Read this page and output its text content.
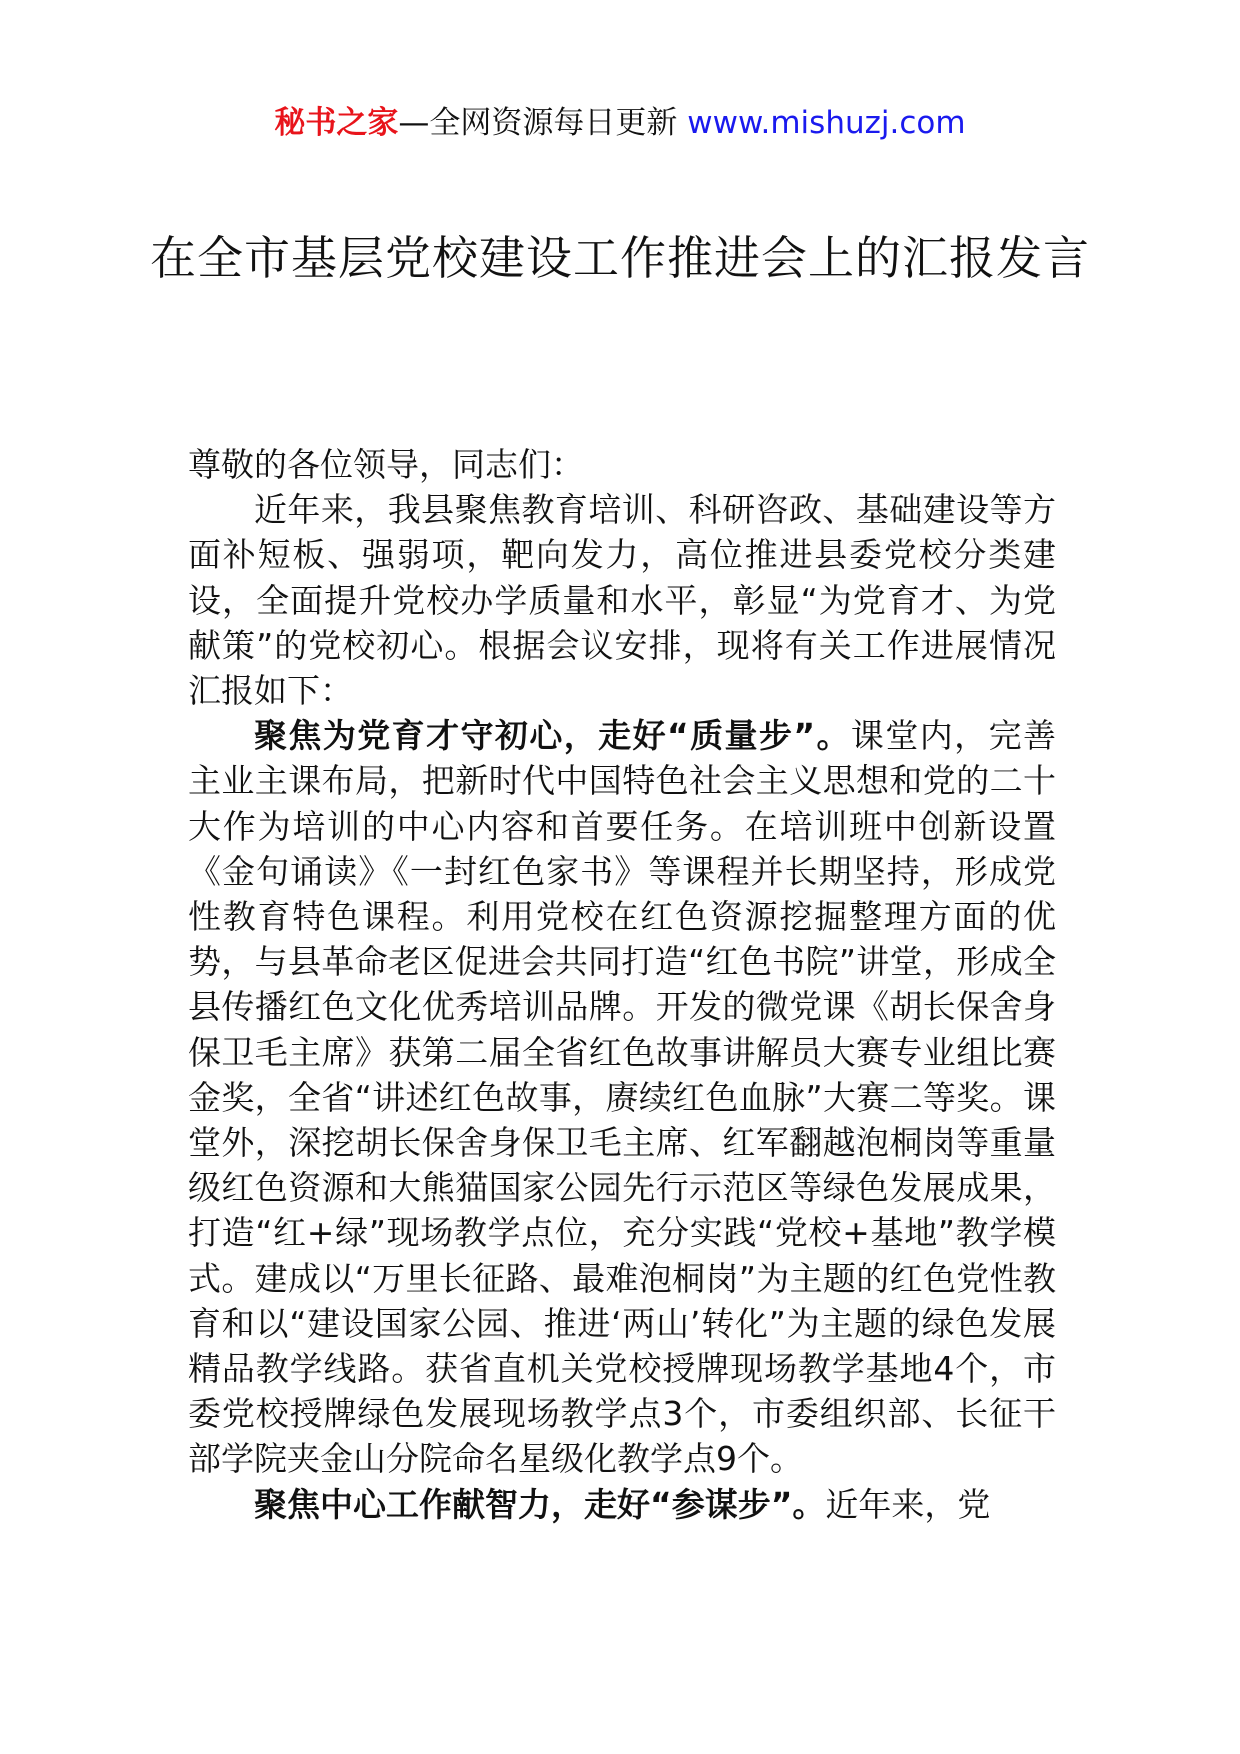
秘书之家—全网资源每日更新 www.mishuzj.com
在全市基层党校建设工作推进会上的汇报发言

尊敬的各位领导，同志们：

近年来，我县聚焦教育培训、科研咨政、基础建设等方面补短板、强弱项，靶向发力，高位推进县委党校分类建设，全面提升党校办学质量和水平，彰显“为党育才、为党献策”的党校初心。根据会议安排，现将有关工作进展情况汇报如下：

聚焦为党育才守初心，走好“质量步”。课堂内，完善主业主课布局，把新时代中国特色社会主义思想和党的二十大作为培训的中心内容和首要任务。在培训班中创新设置《金句诵读》《一封红色家书》等课程并长期坚持，形成党性教育特色课程。利用党校在红色资源挖掘整理方面的优势，与县革命老区促进会共同打造“红色书院”讲堂，形成全县传播红色文化优秀培训品牌。开发的微党课《胡长保舍身保卫毛主席》获第二届全省红色故事讲解员大赛专业组比赛金奖，全省“讲述红色故事，赓续红色血脉”大赛二等奖。课堂外，深挖胡长保舍身保卫毛主席、红军翻越泡桐岗等重量级红色资源和大熊猫国家公园先行示范区等绿色发展成果，打造“红+绿”现场教学点位，充分实践“党校+基地”教学模式。建成以“万里长征路、最难泡桐岗”为主题的红色党性教育和以“建设国家公园、推进‘两山’转化”为主题的绿色发展精品教学线路。获省直机关党校授牌现场教学基地4个，市委党校授牌绿色发展现场教学点3个，市委组织部、长征干部学院夹金山分院命名星级化教学点9个。

聚焦中心工作献智力，走好“参谋步”。近年来，党
